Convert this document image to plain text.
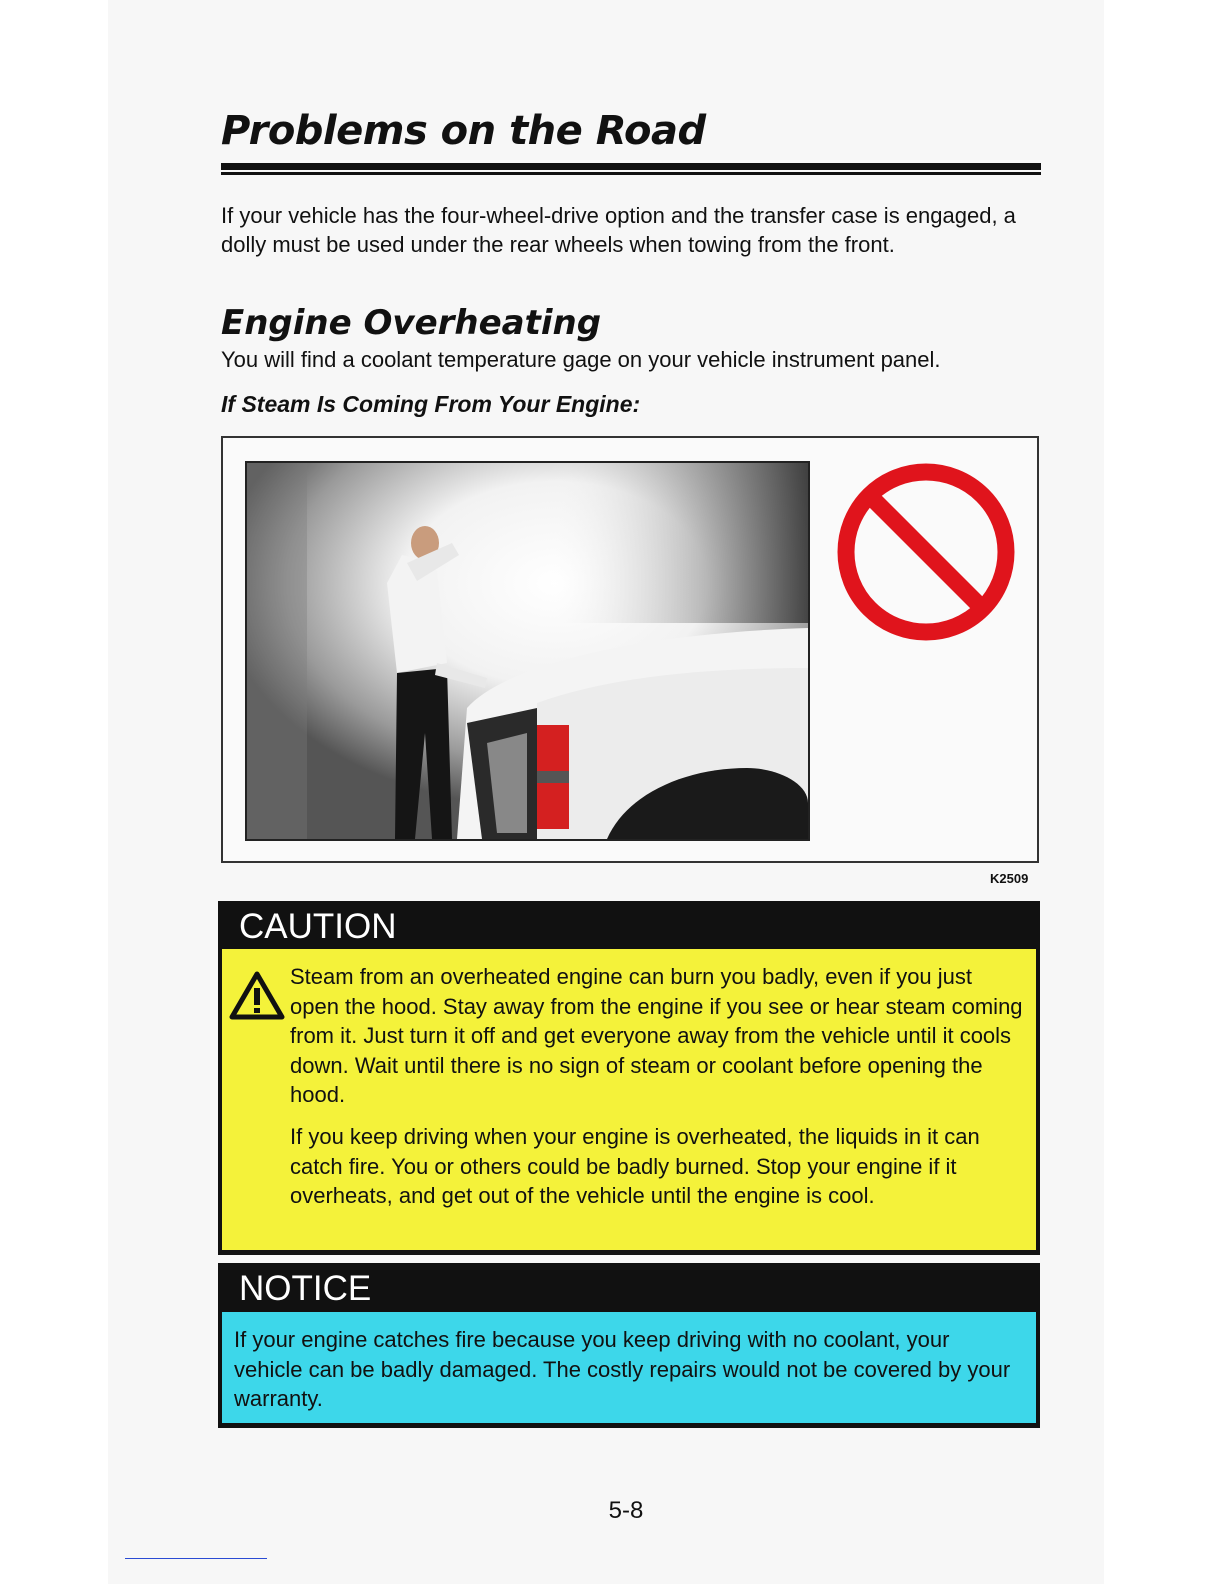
Problems on the Road

If your vehicle has the four-wheel-drive option and the transfer case is engaged, a dolly must be used under the rear wheels when towing from the front.

Engine Overheating

You will find a coolant temperature gage on your vehicle instrument panel.

If Steam Is Coming From Your Engine:
K2509
CAUTION

Steam from an overheated engine can burn you badly, even if you just open the hood. Stay away from the engine if you see or hear steam coming from it. Just turn it off and get everyone away from the vehicle until it cools down. Wait until there is no sign of steam or coolant before opening the hood.

If you keep driving when your engine is overheated, the liquids in it can catch fire. You or others could be badly burned. Stop your engine if it overheats, and get out of the vehicle until the engine is cool.

NOTICE

If your engine catches fire because you keep driving with no coolant, your vehicle can be badly damaged. The costly repairs would not be covered by your warranty.

5-8
